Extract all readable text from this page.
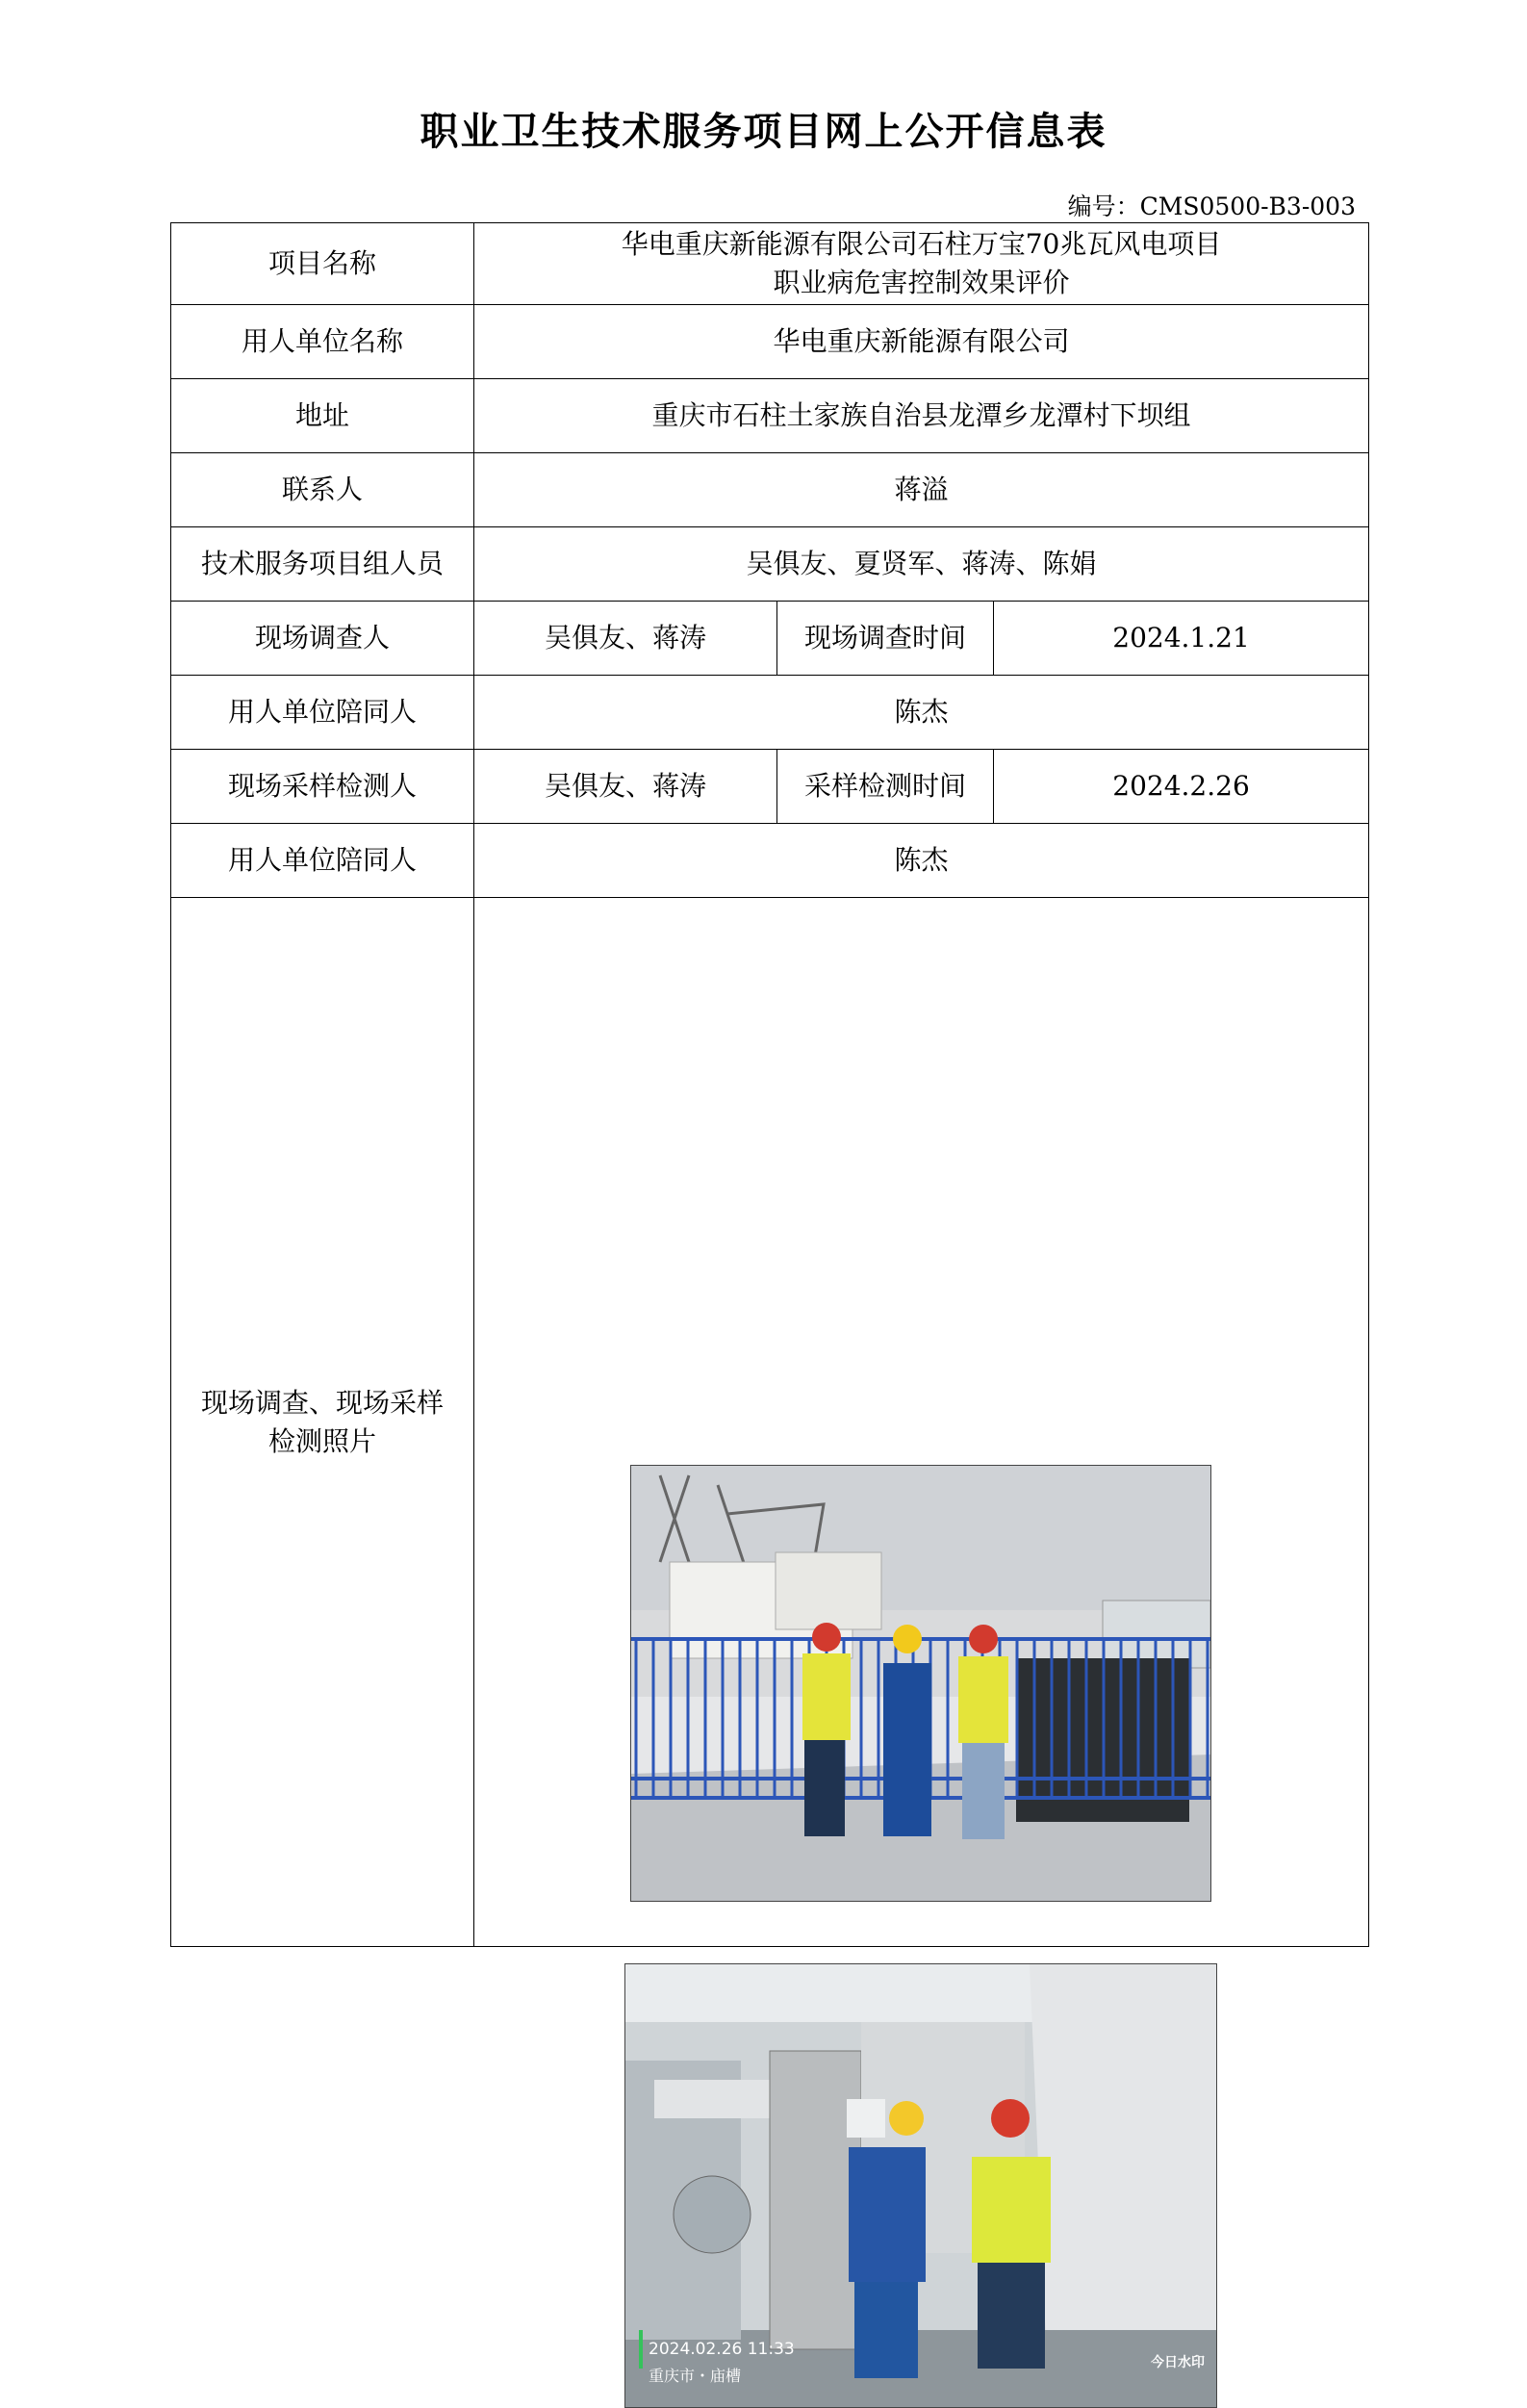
职业卫生技术服务项目网上公开信息表
编号：CMS0500-B3-003
项目名称	华电重庆新能源有限公司石柱万宝70兆瓦风电项目
职业病危害控制效果评价		

用人单位名称	华电重庆新能源有限公司		
地址	重庆市石柱土家族自治县龙潭乡龙潭村下坝组		
联系人	蒋溢		
技术服务项目组人员	吴俱友、夏贤军、蒋涛、陈娟		
现场调查人	吴俱友、蒋涛	现场调查时间	2024.1.21
用人单位陪同人	陈杰		
现场采样检测人	吴俱友、蒋涛	采样检测时间	2024.2.26
用人单位陪同人	陈杰		
现场调查、现场采样检测照片	2024.02.26 11:33
重庆市・庙槽
今日水印		
